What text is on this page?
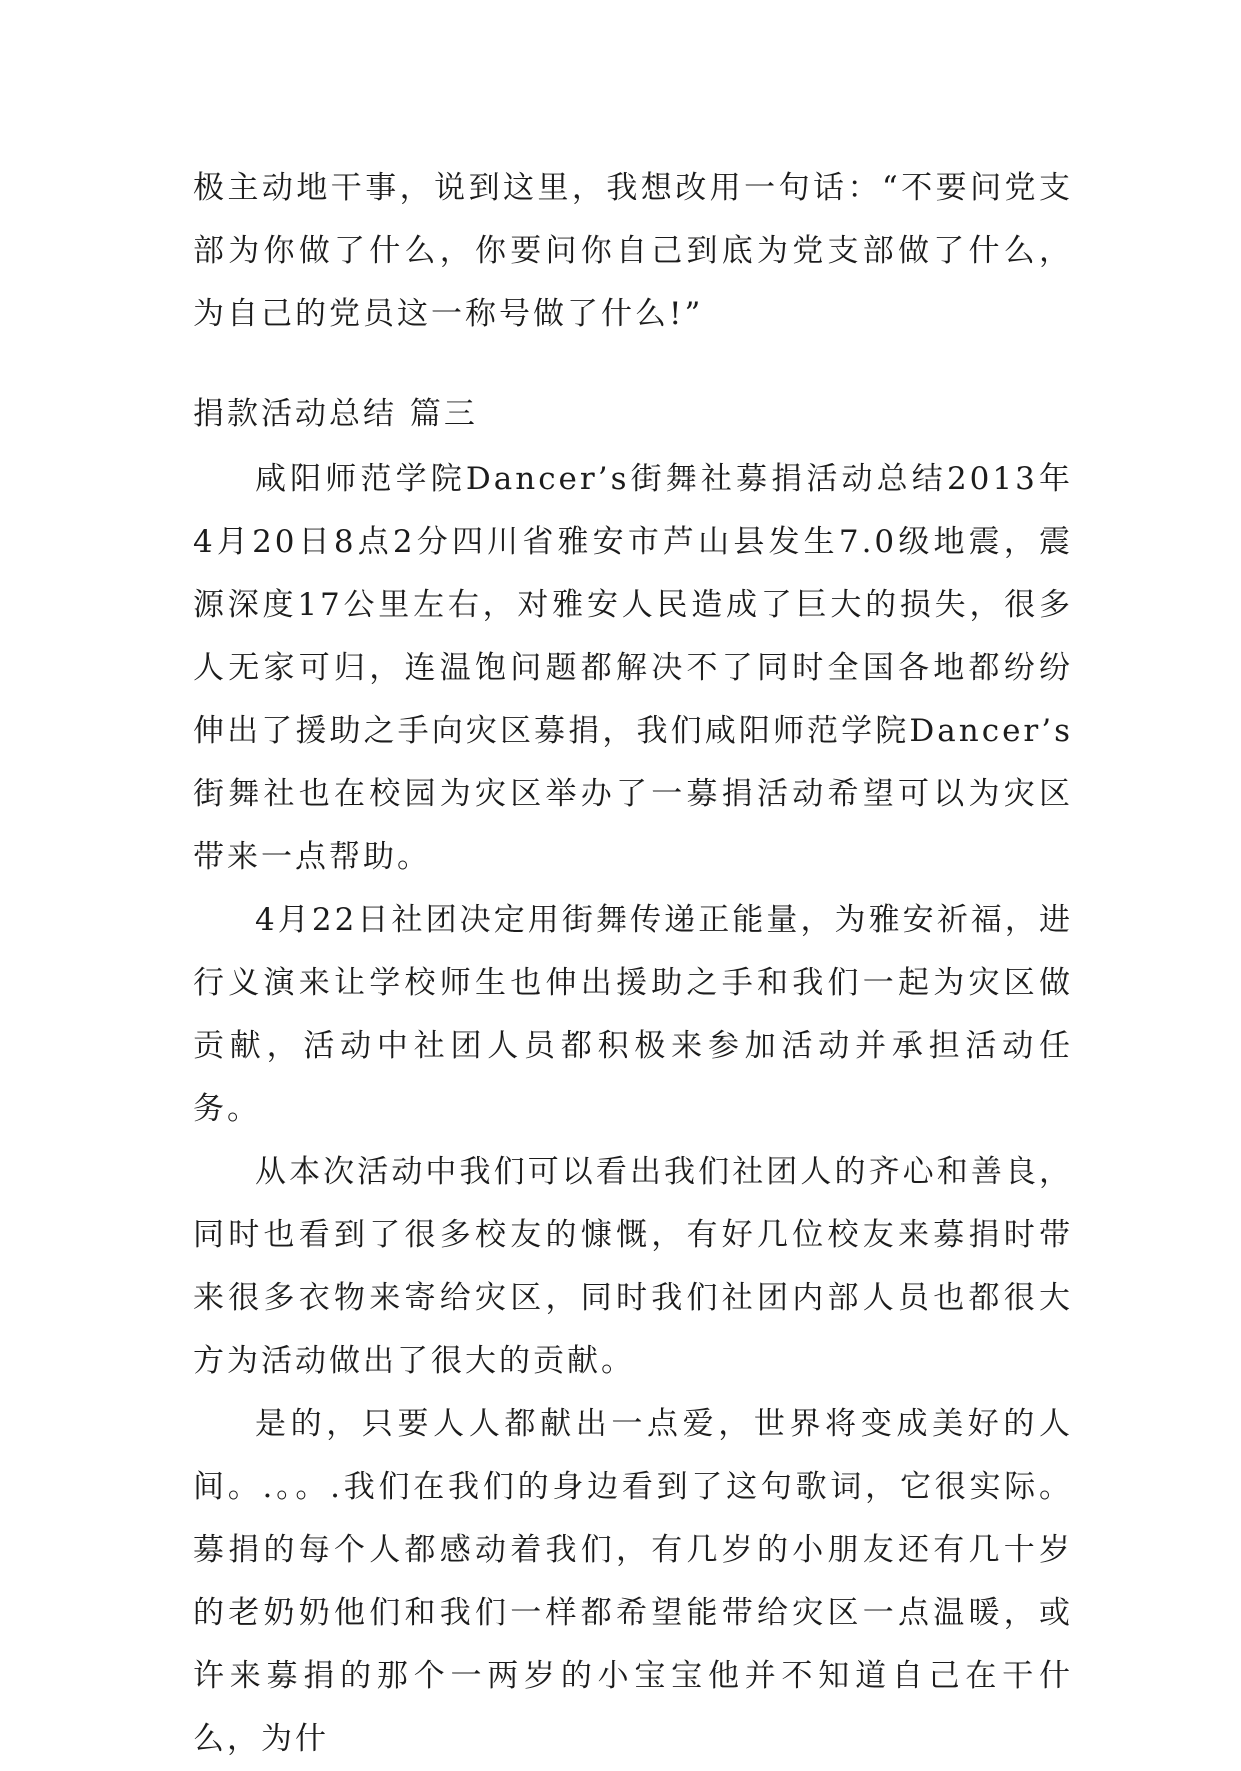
极主动地干事，说到这里，我想改用一句话：“不要问党支部为你做了什么，你要问你自己到底为党支部做了什么，为自己的党员这一称号做了什么!”

捐款活动总结 篇三

咸阳师范学院Dancer’s街舞社募捐活动总结2013年4月20日8点2分四川省雅安市芦山县发生7.0级地震，震源深度17公里左右，对雅安人民造成了巨大的损失，很多人无家可归，连温饱问题都解决不了同时全国各地都纷纷伸出了援助之手向灾区募捐，我们咸阳师范学院Dancer’s街舞社也在校园为灾区举办了一募捐活动希望可以为灾区带来一点帮助。

4月22日社团决定用街舞传递正能量，为雅安祈福，进行义演来让学校师生也伸出援助之手和我们一起为灾区做贡献，活动中社团人员都积极来参加活动并承担活动任务。

从本次活动中我们可以看出我们社团人的齐心和善良，同时也看到了很多校友的慷慨，有好几位校友来募捐时带来很多衣物来寄给灾区，同时我们社团内部人员也都很大方为活动做出了很大的贡献。

是的，只要人人都献出一点爱，世界将变成美好的人间。.。。.我们在我们的身边看到了这句歌词，它很实际。募捐的每个人都感动着我们，有几岁的小朋友还有几十岁的老奶奶他们和我们一样都希望能带给灾区一点温暖，或许来募捐的那个一两岁的小宝宝他并不知道自己在干什么，为什
